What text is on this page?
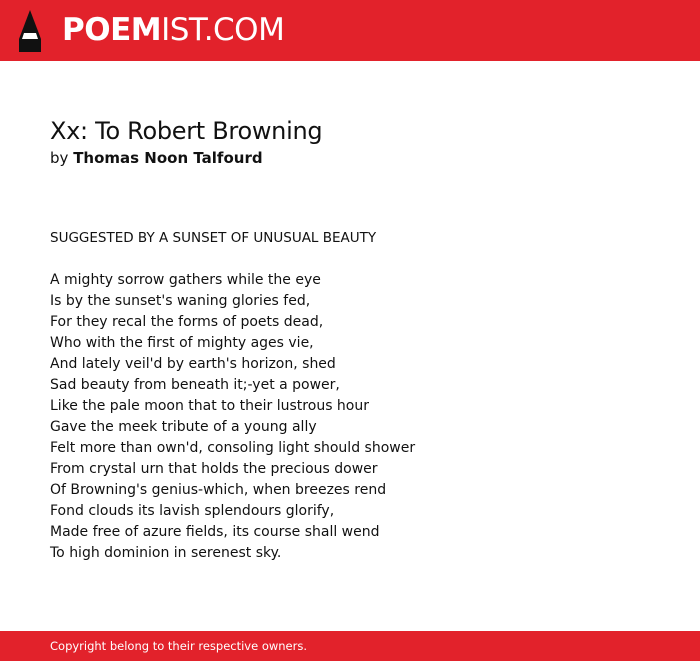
POEMIST.COM
Xx: To Robert Browning
by Thomas Noon Talfourd
SUGGESTED BY A SUNSET OF UNUSUAL BEAUTY
A mighty sorrow gathers while the eye
Is by the sunset's waning glories fed,
For they recal the forms of poets dead,
Who with the first of mighty ages vie,
And lately veil'd by earth's horizon, shed
Sad beauty from beneath it;-yet a power,
Like the pale moon that to their lustrous hour
Gave the meek tribute of a young ally
Felt more than own'd, consoling light should shower
From crystal urn that holds the precious dower
Of Browning's genius-which, when breezes rend
Fond clouds its lavish splendours glorify,
Made free of azure fields, its course shall wend
To high dominion in serenest sky.
Copyright belong to their respective owners.
